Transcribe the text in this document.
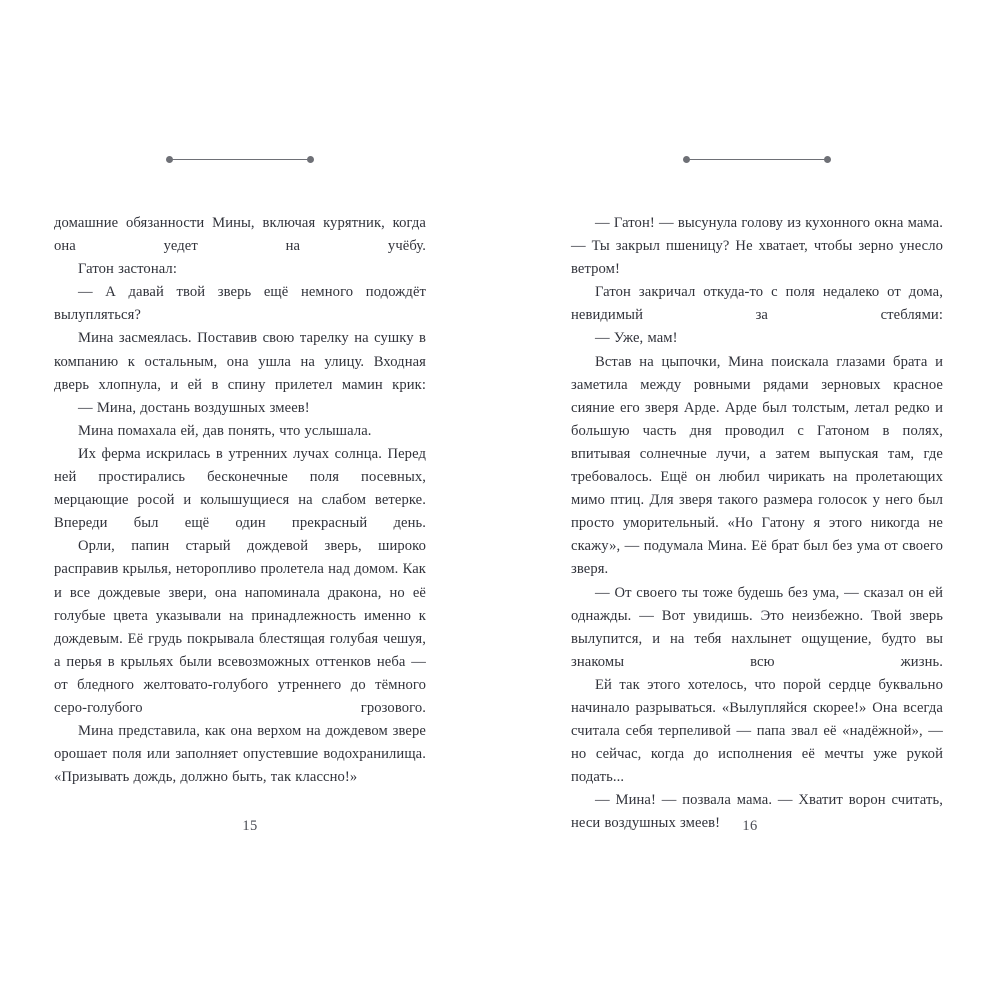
домашние обязанности Мины, включая курятник, когда она уедет на учёбу.

Гатон застонал:

— А давай твой зверь ещё немного подождёт вылупляться?

Мина засмеялась. Поставив свою тарелку на сушку в компанию к остальным, она ушла на улицу. Входная дверь хлопнула, и ей в спину прилетел мамин крик:

— Мина, достань воздушных змеев!

Мина помахала ей, дав понять, что услышала.

Их ферма искрилась в утренних лучах солнца. Перед ней простирались бесконечные поля посевных, мерцающие росой и колышущиеся на слабом ветерке. Впереди был ещё один прекрасный день.

Орли, папин старый дождевой зверь, широко расправив крылья, неторопливо пролетела над домом. Как и все дождевые звери, она напоминала дракона, но её голубые цвета указывали на принадлежность именно к дождевым. Её грудь покрывала блестящая голубая чешуя, а перья в крыльях были всевозможных оттенков неба — от бледного желтовато-голубого утреннего до тёмного серо-голубого грозового.

Мина представила, как она верхом на дождевом звере орошает поля или заполняет опустевшие водохранилища. «Призывать дождь, должно быть, так классно!»

15

— Гатон! — высунула голову из кухонного окна мама. — Ты закрыл пшеницу? Не хватает, чтобы зерно унесло ветром!

Гатон закричал откуда-то с поля недалеко от дома, невидимый за стеблями:

— Уже, мам!

Встав на цыпочки, Мина поискала глазами брата и заметила между ровными рядами зерновых красное сияние его зверя Арде. Арде был толстым, летал редко и большую часть дня проводил с Гатоном в полях, впитывая солнечные лучи, а затем выпуская там, где требовалось. Ещё он любил чирикать на пролетающих мимо птиц. Для зверя такого размера голосок у него был просто уморительный. «Но Гатону я этого никогда не скажу», — подумала Мина. Её брат был без ума от своего зверя.

— От своего ты тоже будешь без ума, — сказал он ей однажды. — Вот увидишь. Это неизбежно. Твой зверь вылупится, и на тебя нахлынет ощущение, будто вы знакомы всю жизнь.

Ей так этого хотелось, что порой сердце буквально начинало разрываться. «Вылупляйся скорее!» Она всегда считала себя терпеливой — папа звал её «надёжной», — но сейчас, когда до исполнения её мечты уже рукой подать...

— Мина! — позвала мама. — Хватит ворон считать, неси воздушных змеев!	16
